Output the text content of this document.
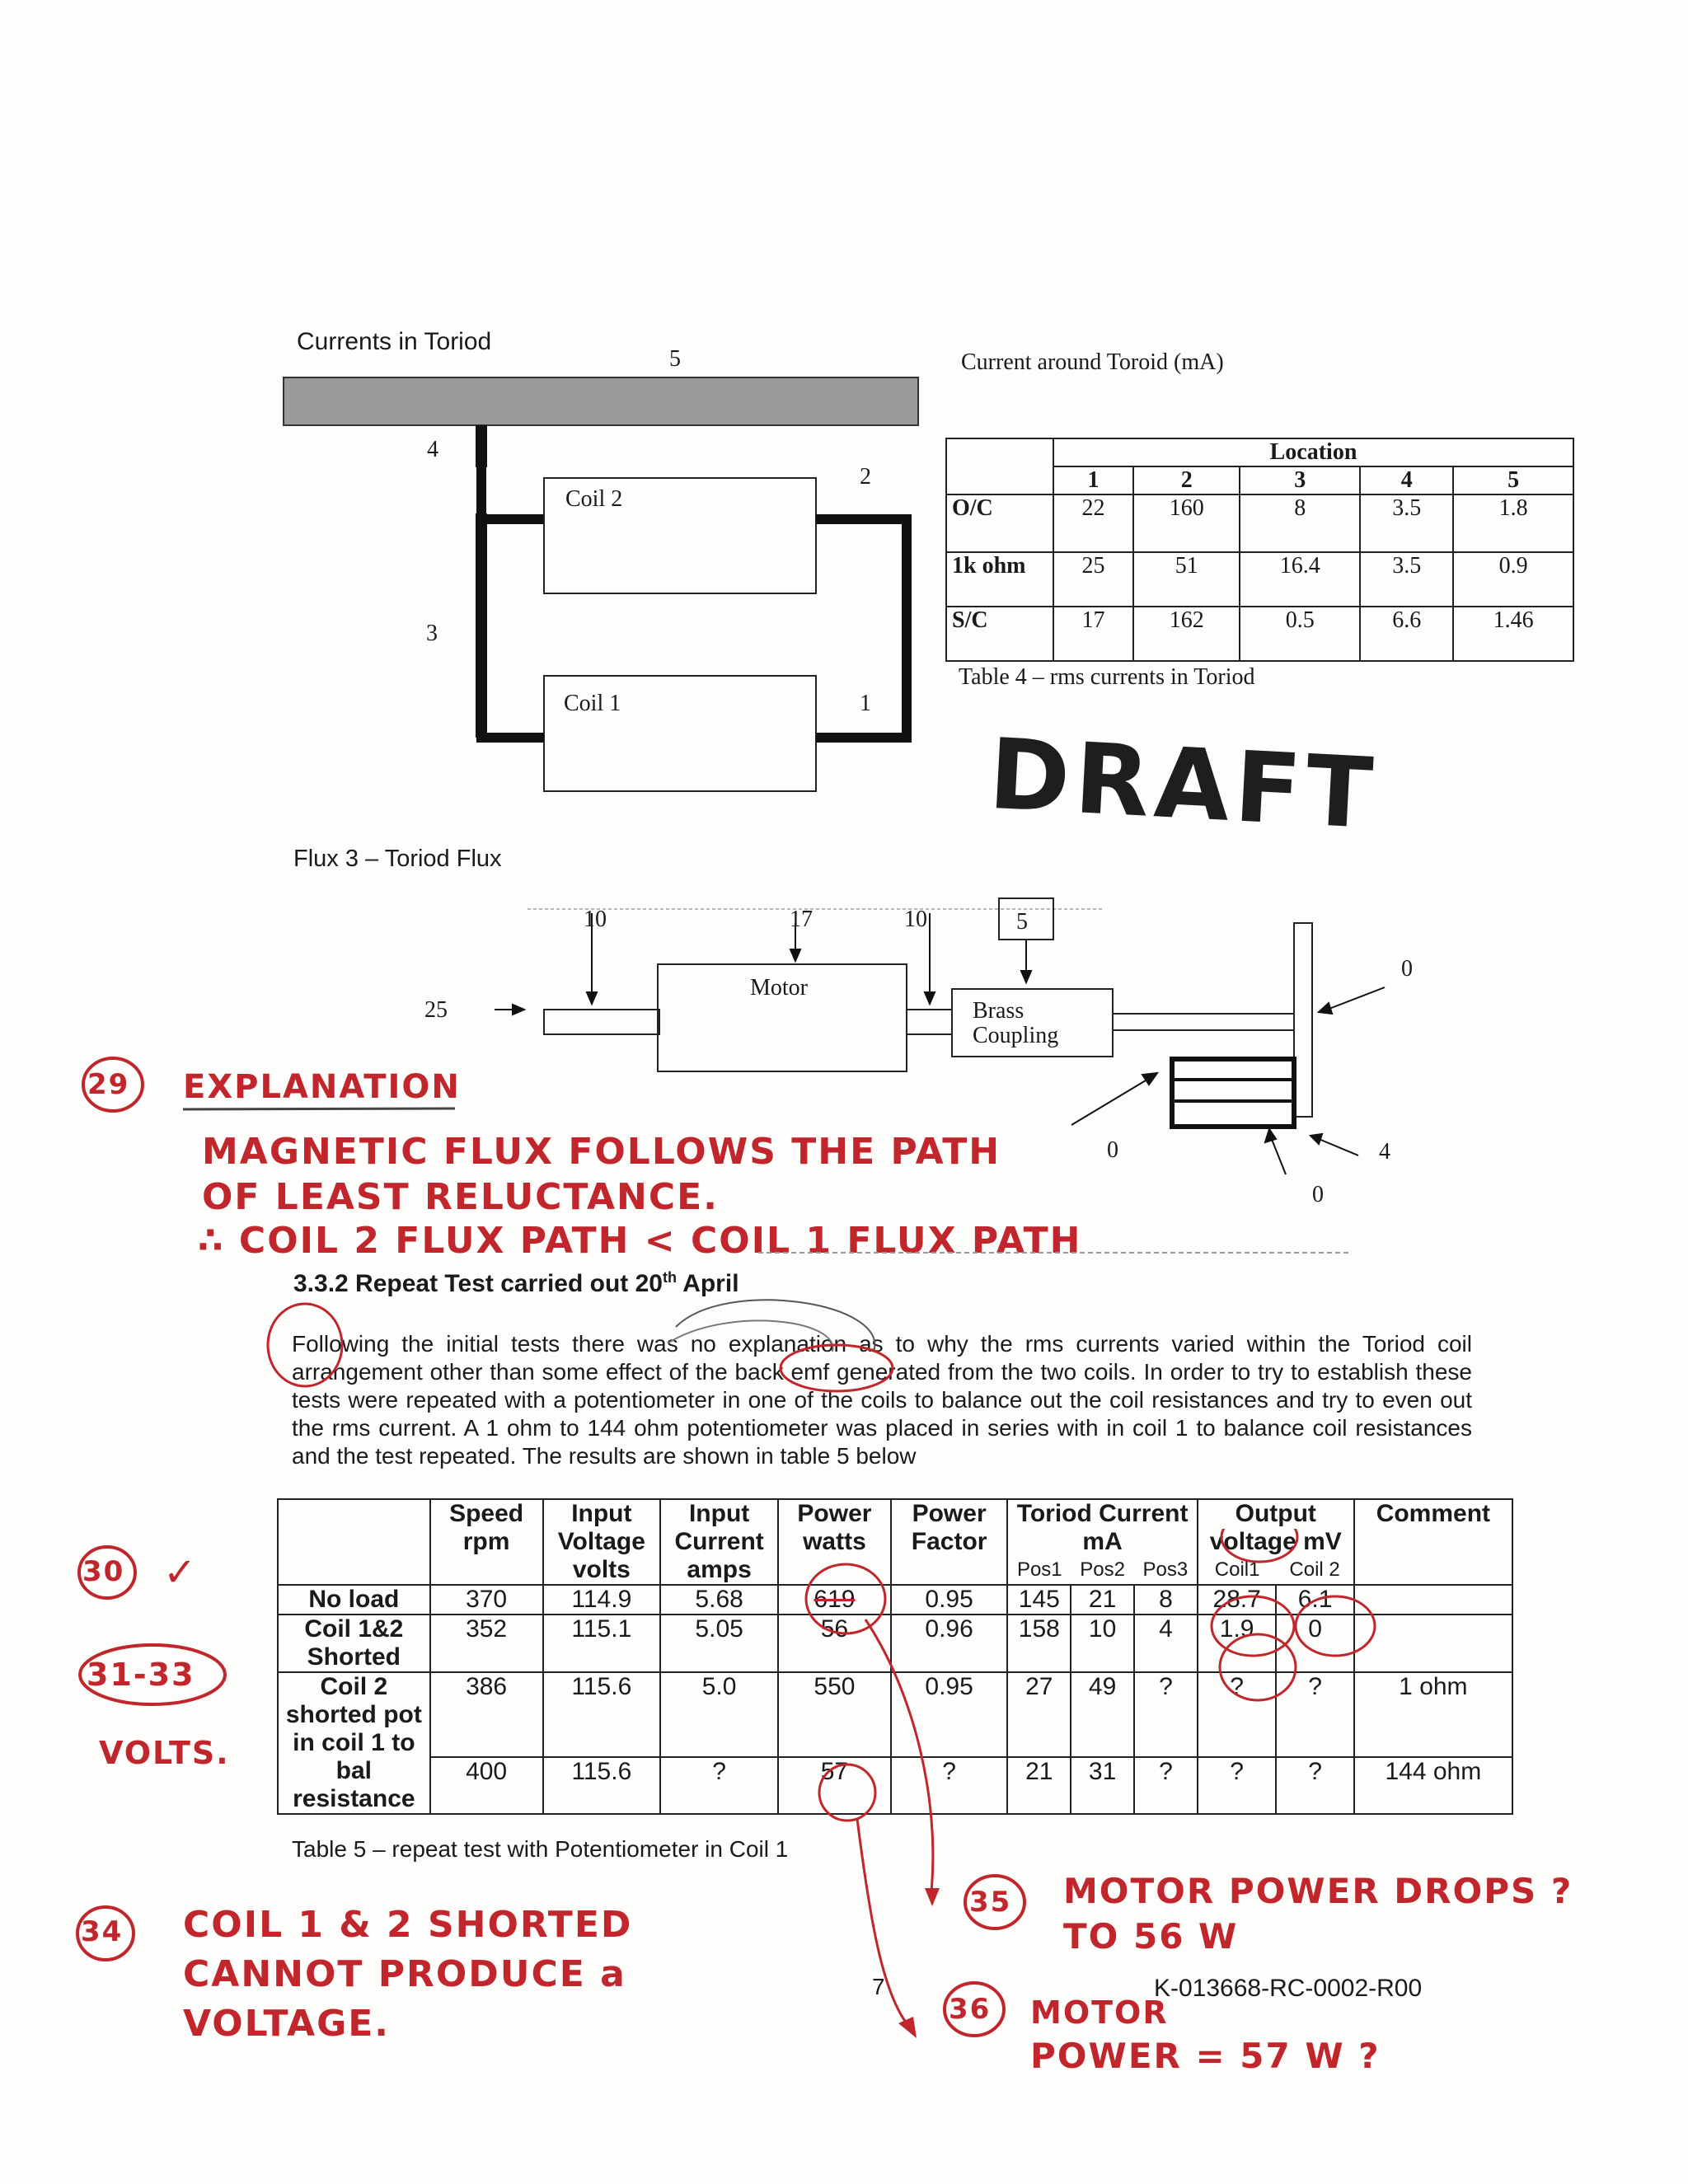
Currents in Toriod
5
4
2
3
1
Coil 2
Coil 1
Flux 3 – Toriod Flux
Current around Toroid (mA)
	Location				
	1	2	3	4	5
O/C	22	160	8	3.5	1.8
1k ohm	25	51	16.4	3.5	0.9
S/C	17	162	0.5	6.6	1.46
Table 4 – rms currents in Toriod
DRAFT
10	17	10	5
25
0
0	4
0
Motor
Brass Coupling
29 EXPLANATION
MAGNETIC FLUX FOLLOWS THE PATH
OF LEAST RELUCTANCE.
∴ COIL 2 FLUX PATH < COIL 1 FLUX PATH
3.3.2 Repeat Test carried out 20th April
Following the initial tests there was no explanation as to why the rms currents varied within the Toriod coil arrangement other than some effect of the back emf generated from the two coils. In order to try to establish these tests were repeated with a potentiometer in one of the coils to balance out the coil resistances and try to even out the rms current. A 1 ohm to 144 ohm potentiometer was placed in series with in coil 1 to balance coil resistances and the test repeated. The results are shown in table 5 below
30 ✓
31-33
VOLTS.
	Speed rpm	Input Voltage volts	Input Current amps	Power watts	Power Factor	Toriod Current mA			Output voltage mV		Comment
						Pos1	Pos2	Pos3	Coil1	Coil 2	
No load	370	114.9	5.68	619	0.95	145	21	8	28.7	6.1	
Coil 1&2 Shorted	352	115.1	5.05	56	0.96	158	10	4	1.9	0	
Coil 2 shorted pot in coil 1 to bal resistance	386	115.6	5.0	550	0.95	27	49	?	?	?	1 ohm
	400	115.6	?	57	?	21	31	?	?	?	144 ohm
Table 5 – repeat test with Potentiometer in Coil 1
34 COIL 1 & 2 SHORTED
CANNOT PRODUCE a
VOLTAGE.
35 MOTOR POWER DROPS ?
TO 56 W
7	K-013668-RC-0002-R00
36 MOTOR
POWER = 57 W ?
